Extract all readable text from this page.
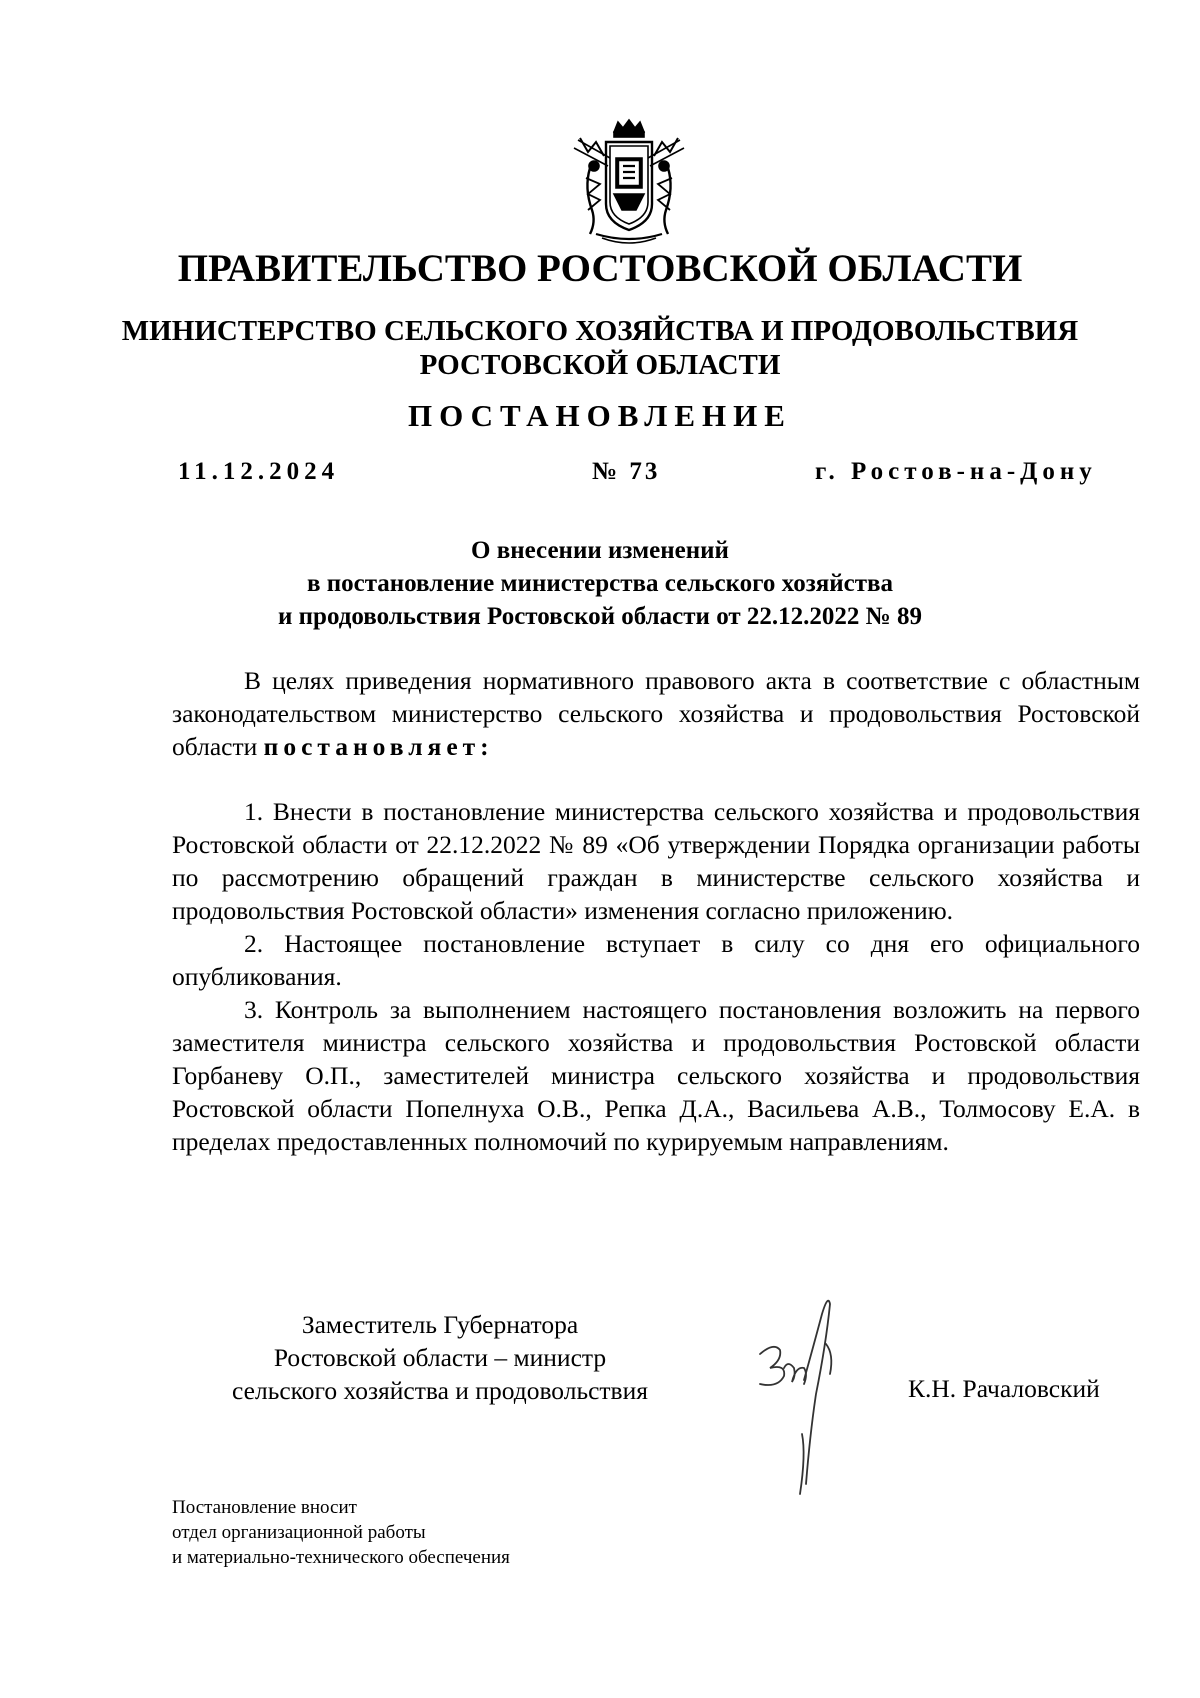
ПРАВИТЕЛЬСТВО РОСТОВСКОЙ ОБЛАСТИ
МИНИСТЕРСТВО СЕЛЬСКОГО ХОЗЯЙСТВА И ПРОДОВОЛЬСТВИЯ
РОСТОВСКОЙ ОБЛАСТИ
ПОСТАНОВЛЕНИЕ
11.12.2024	№ 73	г. Ростов-на-Дону
О внесении изменений
в постановление министерства сельского хозяйства
и продовольствия Ростовской области от 22.12.2022 № 89

В целях приведения нормативного правового акта в соответствие с областным законодательством министерство сельского хозяйства и продовольствия Ростовской области постановляет:

1. Внести в постановление министерства сельского хозяйства и продовольствия Ростовской области от 22.12.2022 № 89 «Об утверждении Порядка организации работы по рассмотрению обращений граждан в министерстве сельского хозяйства и продовольствия Ростовской области» изменения согласно приложению.

2. Настоящее постановление вступает в силу со дня его официального опубликования.

3. Контроль за выполнением настоящего постановления возложить на первого заместителя министра сельского хозяйства и продовольствия Ростовской области Горбаневу О.П., заместителей министра сельского хозяйства и продовольствия Ростовской области Попелнуха О.В., Репка Д.А., Васильева А.В., Толмосову Е.А. в пределах предоставленных полномочий по курируемым направлениям.

Заместитель Губернатора
Ростовской области – министр
сельского хозяйства и продовольствия	К.Н. Рачаловский
Постановление вносит
отдел организационной работы
и материально-технического обеспечения
